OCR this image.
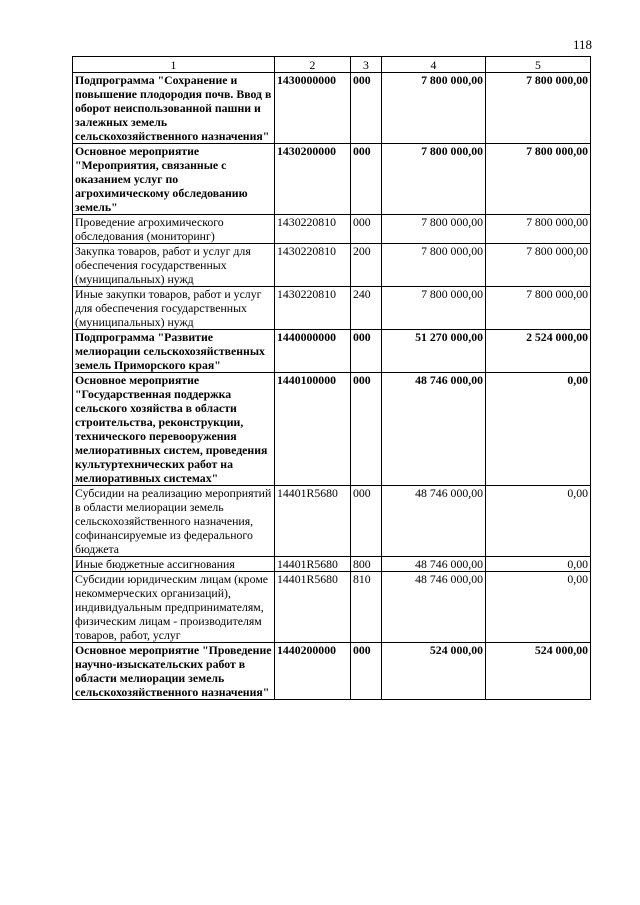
118
1	2	3	4	5
Подпрограмма "Сохранение и повышение плодородия почв. Ввод в оборот неиспользованной пашни и залежных земель сельскохозяйственного назначения"	1430000000	000	7 800 000,00	7 800 000,00
Основное мероприятие "Мероприятия, связанные с оказанием услуг по агрохимическому обследованию земель"	1430200000	000	7 800 000,00	7 800 000,00
Проведение агрохимического обследования (мониторинг)	1430220810	000	7 800 000,00	7 800 000,00
Закупка товаров, работ и услуг для обеспечения государственных (муниципальных) нужд	1430220810	200	7 800 000,00	7 800 000,00
Иные закупки товаров, работ и услуг для обеспечения государственных (муниципальных) нужд	1430220810	240	7 800 000,00	7 800 000,00
Подпрограмма "Развитие мелиорации сельскохозяйственных земель Приморского края"	1440000000	000	51 270 000,00	2 524 000,00
Основное мероприятие "Государственная поддержка сельского хозяйства в области строительства, реконструкции, технического перевооружения мелиоративных систем, проведения культуртехнических работ на мелиоративных системах"	1440100000	000	48 746 000,00	0,00
Субсидии на реализацию мероприятий в области мелиорации земель сельскохозяйственного назначения, софинансируемые из федерального бюджета	14401R5680	000	48 746 000,00	0,00
Иные бюджетные ассигнования	14401R5680	800	48 746 000,00	0,00
Субсидии юридическим лицам (кроме некоммерческих организаций), индивидуальным предпринимателям, физическим лицам - производителям товаров, работ, услуг	14401R5680	810	48 746 000,00	0,00
Основное мероприятие "Проведение научно-изыскательских работ в области мелиорации земель сельскохозяйственного назначения"	1440200000	000	524 000,00	524 000,00
